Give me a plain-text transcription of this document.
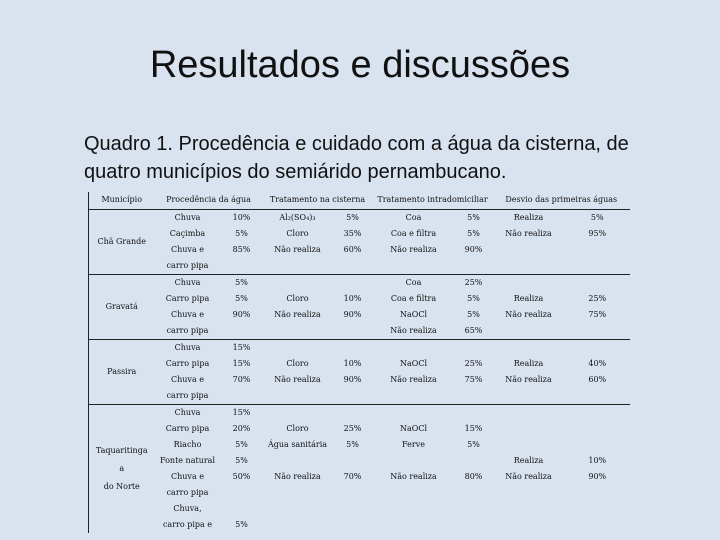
Resultados e discussões
Quadro 1. Procedência e cuidado com a água da cisterna, de quatro municípios do semiárido pernambucano.
Município	Procedência da água		Tratamento na cisterna		Tratamento intradomiciliar		Desvio das primeiras águas	
Chã Grande	Chuva	10%	Al₂(SO₄)₃	5%	Coa	5%	Realiza	5%
	Caçimba	5%	Cloro	35%	Coa e filtra	5%	Não realiza	95%
	Chuva e	85%	Não realiza	60%	Não realiza	90%		
	carro pipa							
Gravatá	Chuva	5%			Coa	25%		
	Carro pipa	5%	Cloro	10%	Coa e filtra	5%	Realiza	25%
	Chuva e	90%	Não realiza	90%	NaOCl	5%	Não realiza	75%
	carro pipa				Não realiza	65%		
Passira	Chuva	15%						
	Carro pipa	15%	Cloro	10%	NaOCl	25%	Realiza	40%
	Chuva e	70%	Não realiza	90%	Não realiza	75%	Não realiza	60%
	carro pipa							

Taquaritinga
a
do Norte	Chuva	15%						
	Carro pipa	20%	Cloro	25%	NaOCl	15%		
	Riacho	5%	Água sanitária	5%	Ferve	5%		
	Fonte natural	5%					Realiza	10%
	Chuva e	50%	Não realiza	70%	Não realiza	80%	Não realiza	90%
	carro pipa							
	Chuva,							
	carro pipa e	5%						
